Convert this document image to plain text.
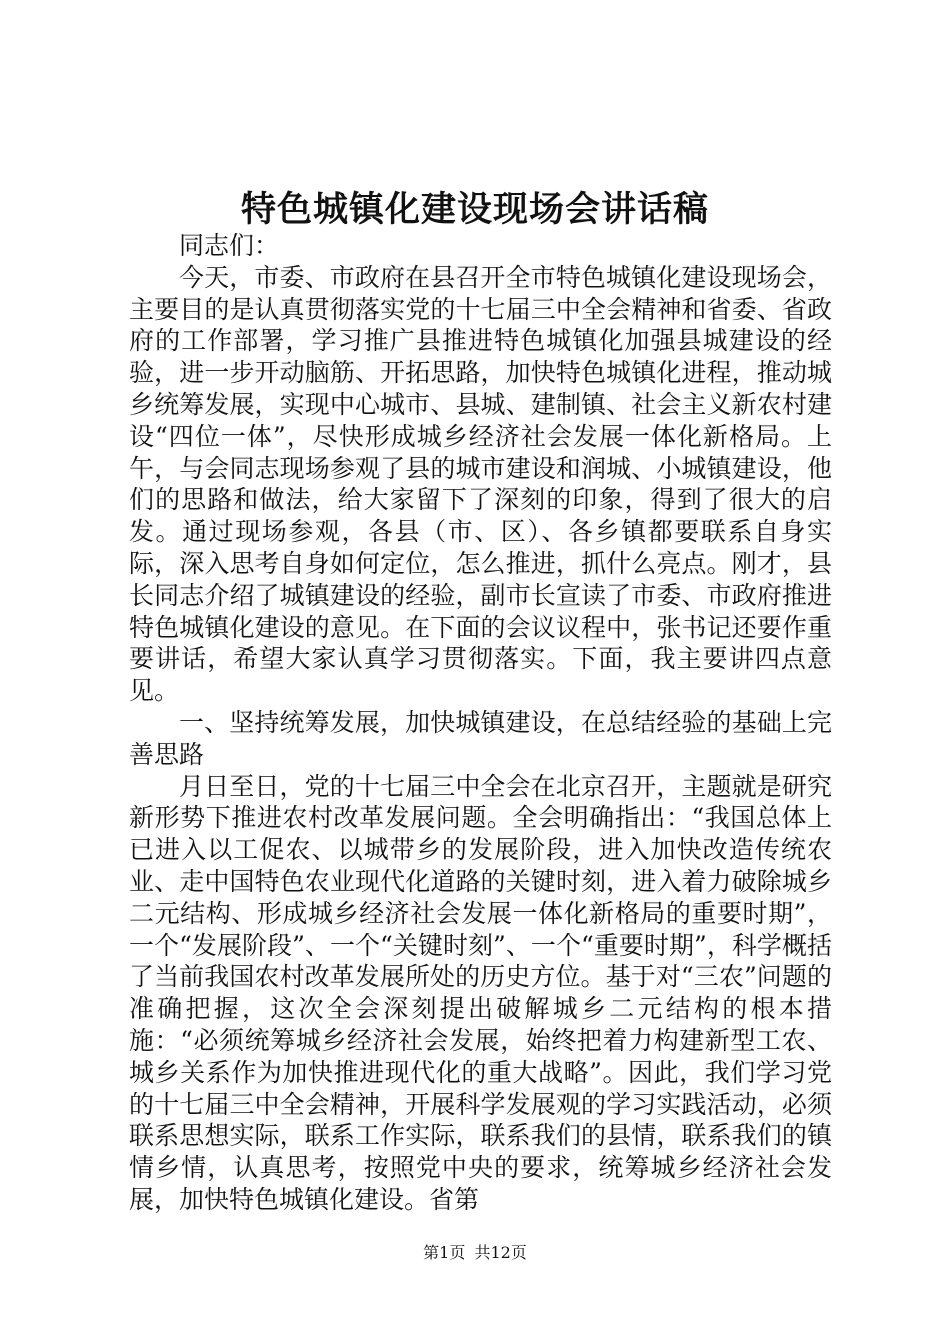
特色城镇化建设现场会讲话稿

同志们：

今天，市委、市政府在县召开全市特色城镇化建设现场会，主要目的是认真贯彻落实党的十七届三中全会精神和省委、省政府的工作部署，学习推广县推进特色城镇化加强县城建设的经验，进一步开动脑筋、开拓思路，加快特色城镇化进程，推动城乡统筹发展，实现中心城市、县城、建制镇、社会主义新农村建设“四位一体”，尽快形成城乡经济社会发展一体化新格局。上午，与会同志现场参观了县的城市建设和润城、小城镇建设，他们的思路和做法，给大家留下了深刻的印象，得到了很大的启发。通过现场参观，各县（市、区）、各乡镇都要联系自身实际，深入思考自身如何定位，怎么推进，抓什么亮点。刚才，县长同志介绍了城镇建设的经验，副市长宣读了市委、市政府推进特色城镇化建设的意见。在下面的会议议程中，张书记还要作重要讲话，希望大家认真学习贯彻落实。下面，我主要讲四点意见。

一、坚持统筹发展，加快城镇建设，在总结经验的基础上完善思路

月日至日，党的十七届三中全会在北京召开，主题就是研究新形势下推进农村改革发展问题。全会明确指出：“我国总体上已进入以工促农、以城带乡的发展阶段，进入加快改造传统农业、走中国特色农业现代化道路的关键时刻，进入着力破除城乡二元结构、形成城乡经济社会发展一体化新格局的重要时期”，一个“发展阶段”、一个“关键时刻”、一个“重要时期”，科学概括了当前我国农村改革发展所处的历史方位。基于对“三农”问题的准确把握，这次全会深刻提出破解城乡二元结构的根本措施：“必须统筹城乡经济社会发展，始终把着力构建新型工农、城乡关系作为加快推进现代化的重大战略”。因此，我们学习党的十七届三中全会精神，开展科学发展观的学习实践活动，必须联系思想实际，联系工作实际，联系我们的县情，联系我们的镇情乡情，认真思考，按照党中央的要求，统筹城乡经济社会发展，加快特色城镇化建设。省第

第1页 共12页
